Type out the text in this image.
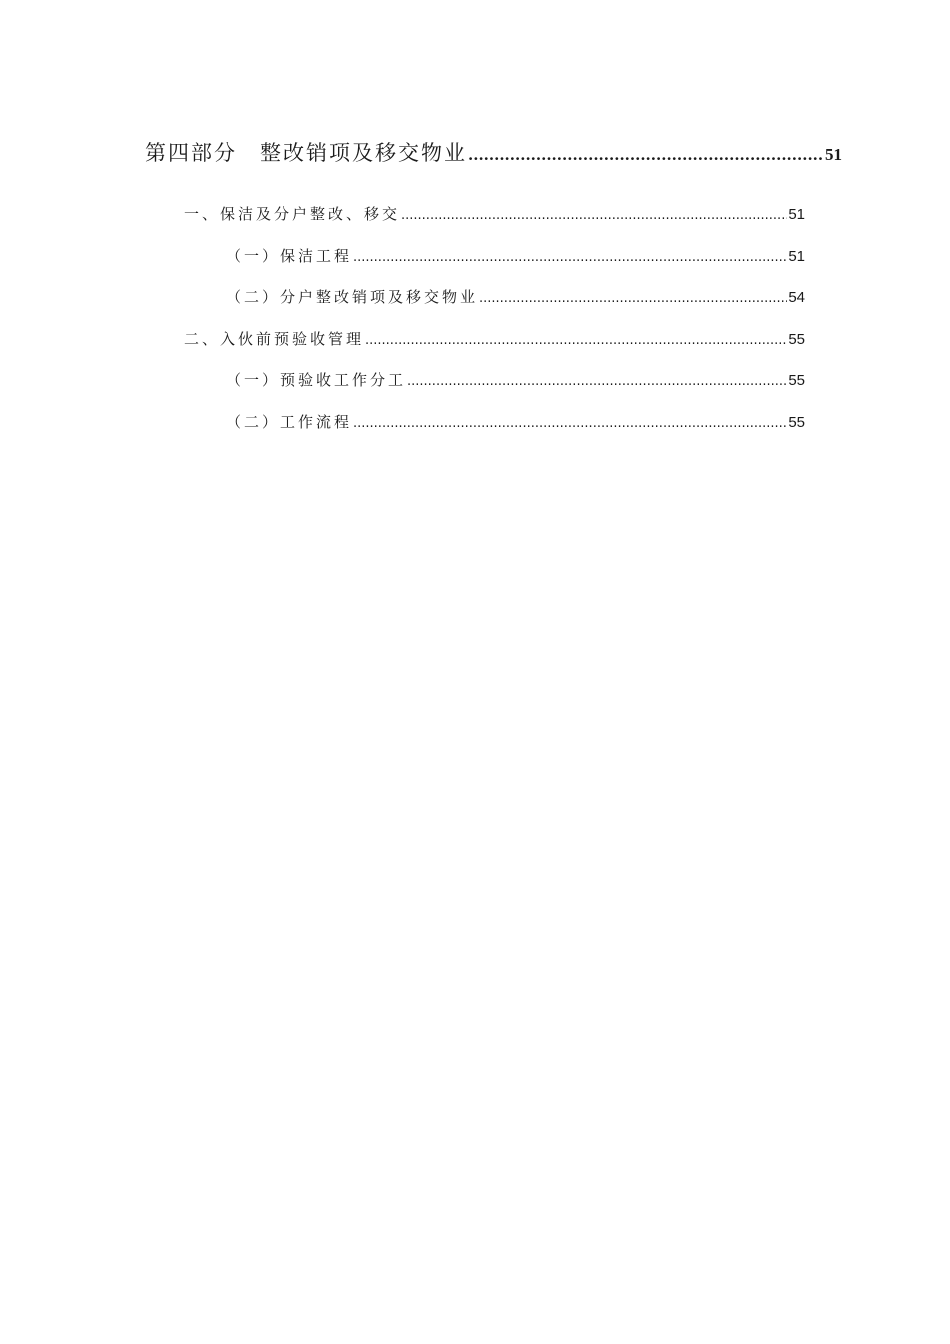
第四部分　整改销项及移交物业 .....	51
一、保洁及分户整改、移交 .....	51
（一）保洁工程 .....	51
（二）分户整改销项及移交物业 .....	54
二、入伙前预验收管理 .....	55
（一）预验收工作分工 .....	55
（二）工作流程 .....	55
